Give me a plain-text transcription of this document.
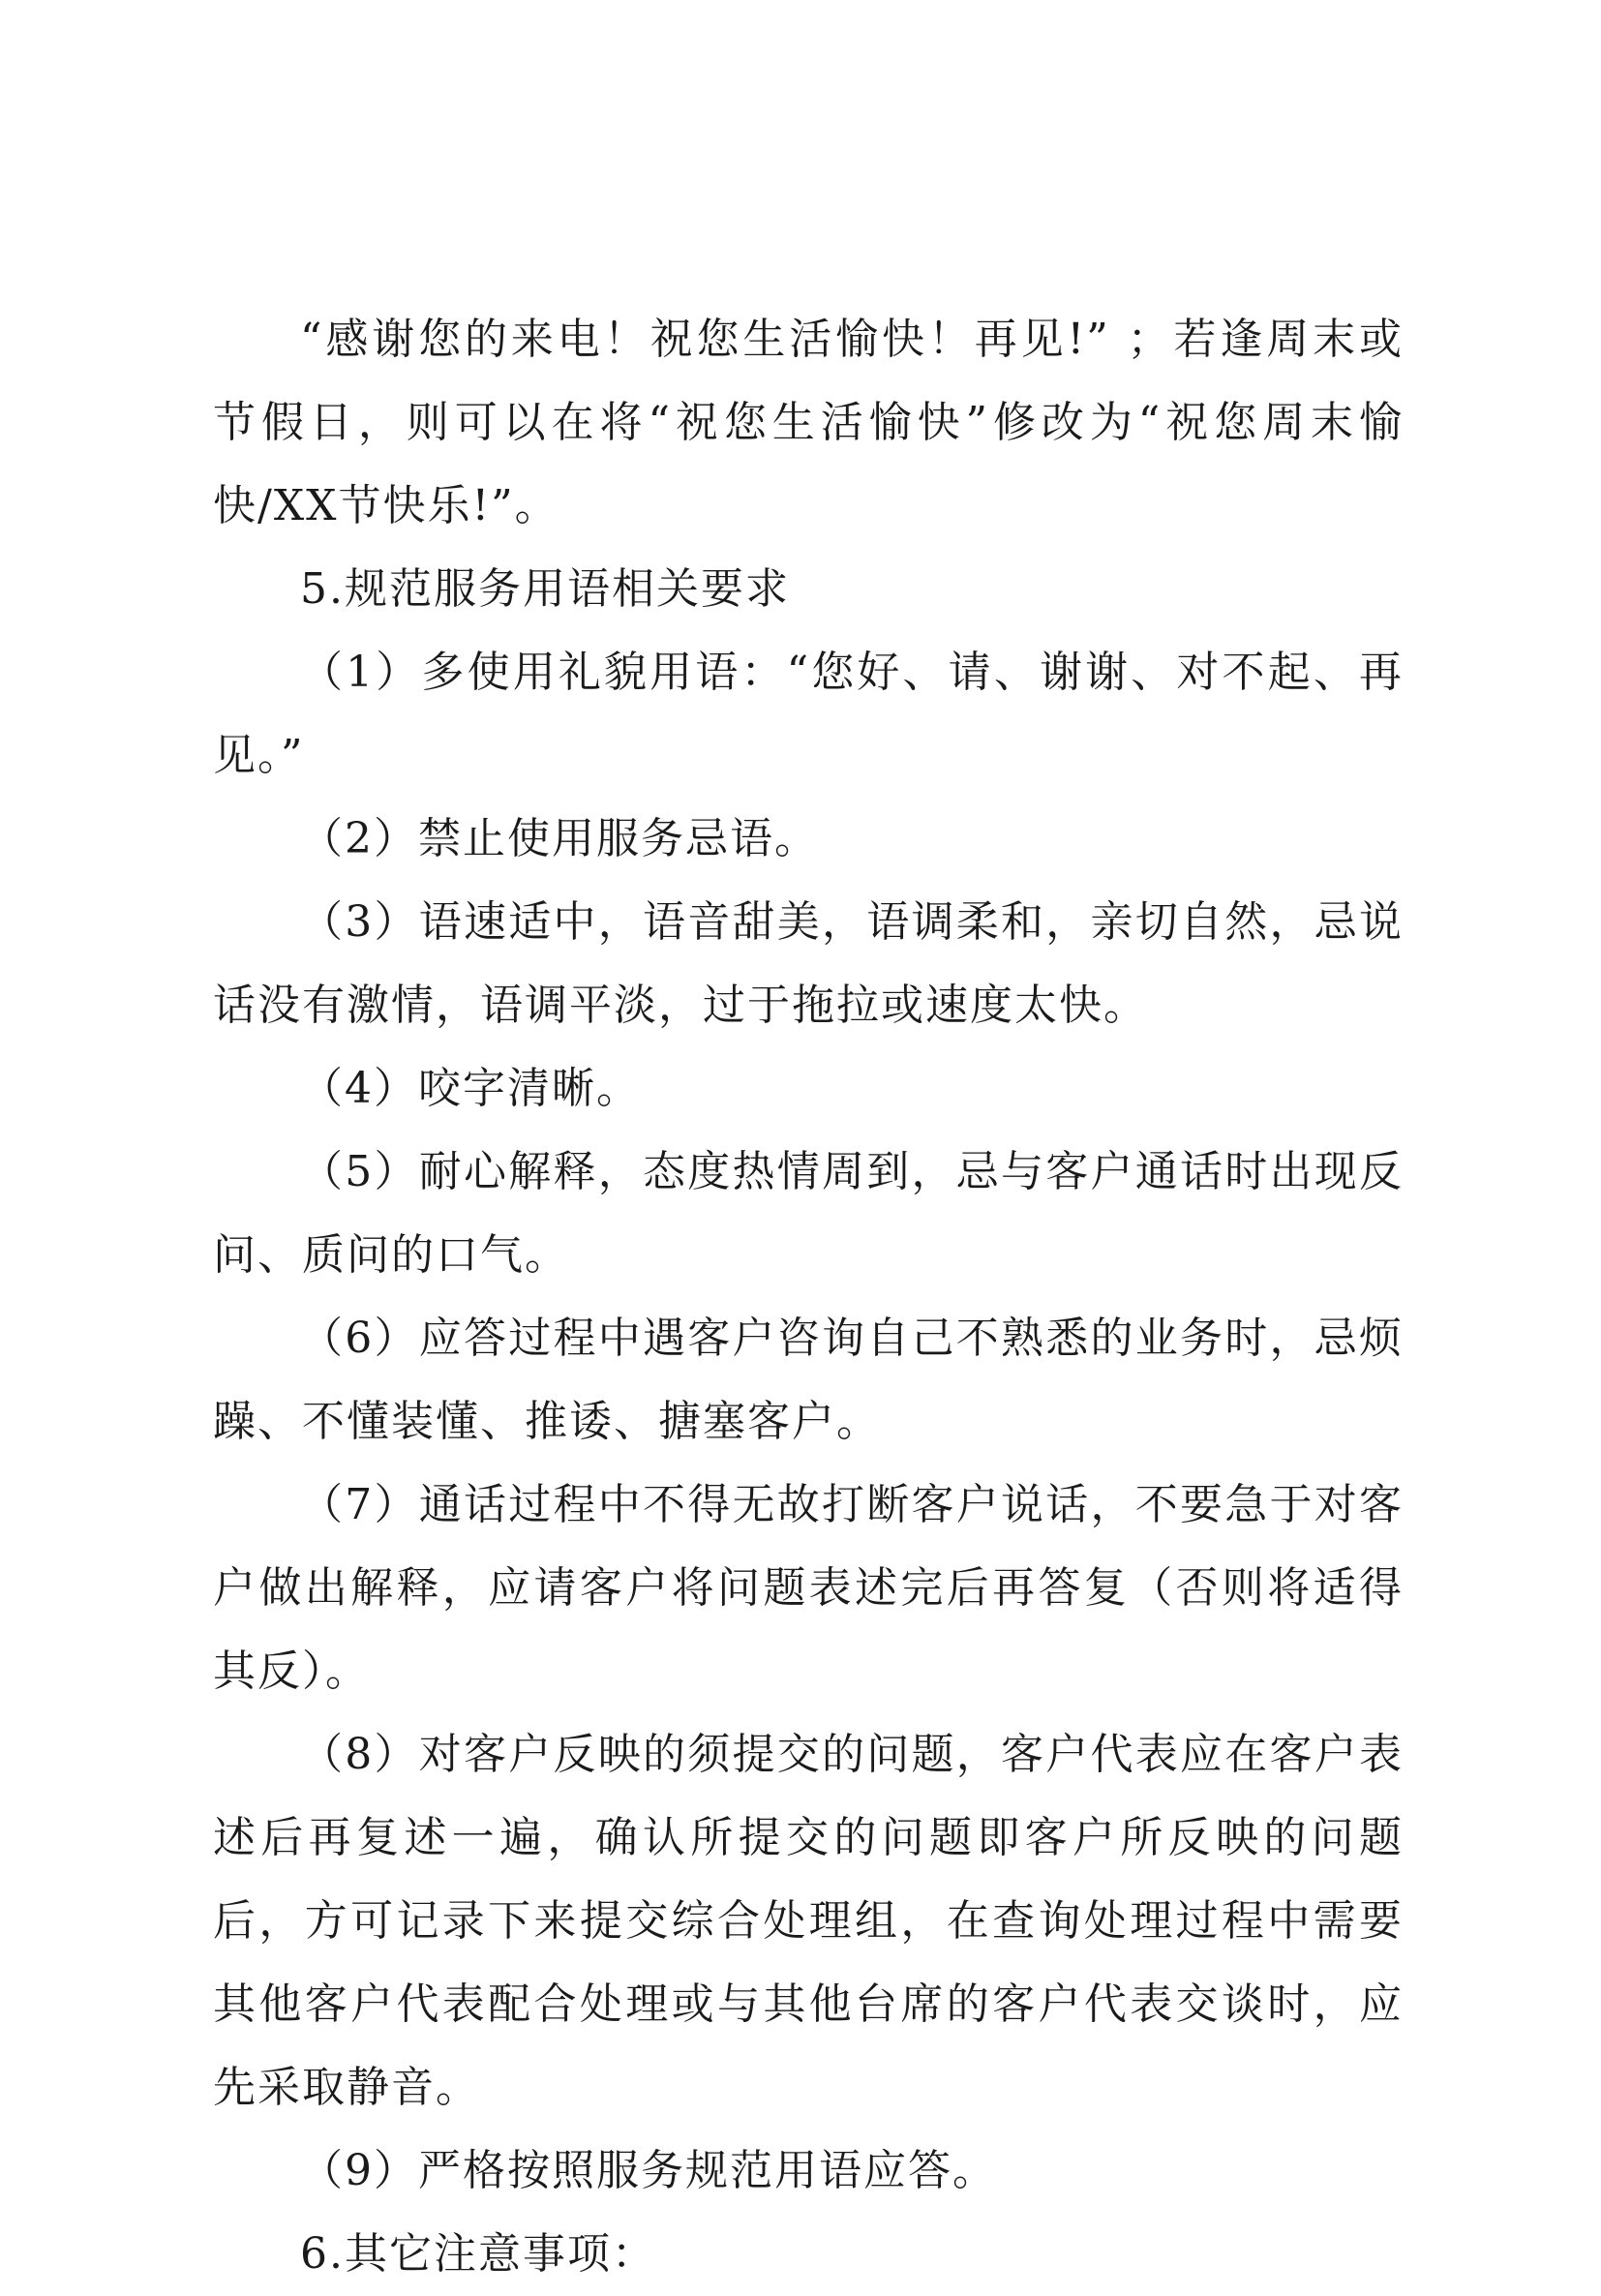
“感谢您的来电！祝您生活愉快！再见!” ；若逢周末或节假日，则可以在将“祝您生活愉快”修改为“祝您周末愉快/XX节快乐!”。

5.规范服务用语相关要求

（1）多使用礼貌用语：“您好、请、谢谢、对不起、再见。”

（2）禁止使用服务忌语。

（3）语速适中，语音甜美，语调柔和，亲切自然，忌说话没有激情，语调平淡，过于拖拉或速度太快。

（4）咬字清晰。

（5）耐心解释，态度热情周到，忌与客户通话时出现反问、质问的口气。

（6）应答过程中遇客户咨询自己不熟悉的业务时，忌烦躁、不懂装懂、推诿、搪塞客户。

（7）通话过程中不得无故打断客户说话，不要急于对客户做出解释，应请客户将问题表述完后再答复（否则将适得其反）。

（8）对客户反映的须提交的问题，客户代表应在客户表述后再复述一遍，确认所提交的问题即客户所反映的问题后，方可记录下来提交综合处理组，在查询处理过程中需要其他客户代表配合处理或与其他台席的客户代表交谈时，应先采取静音。

（9）严格按照服务规范用语应答。

6.其它注意事项：
